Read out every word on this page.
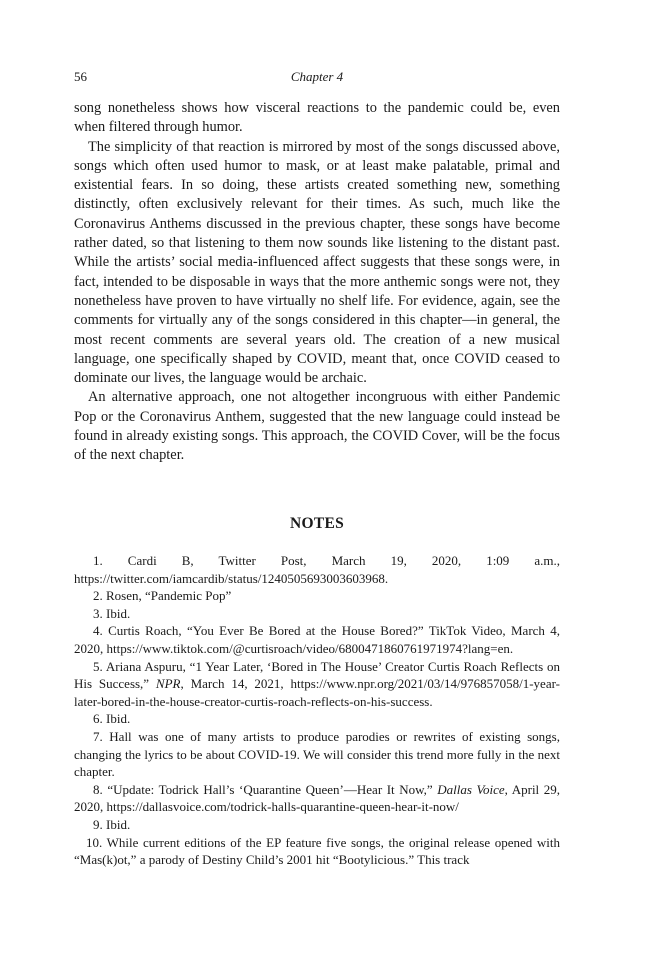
56	Chapter 4

song nonetheless shows how visceral reactions to the pandemic could be, even when filtered through humor.

The simplicity of that reaction is mirrored by most of the songs discussed above, songs which often used humor to mask, or at least make palatable, primal and existential fears. In so doing, these artists created something new, something distinctly, often exclusively relevant for their times. As such, much like the Coronavirus Anthems discussed in the previous chapter, these songs have become rather dated, so that listening to them now sounds like listening to the distant past. While the artists’ social media-influenced affect suggests that these songs were, in fact, intended to be disposable in ways that the more anthemic songs were not, they nonetheless have proven to have virtually no shelf life. For evidence, again, see the comments for virtually any of the songs considered in this chapter—in general, the most recent comments are several years old. The creation of a new musical language, one specifically shaped by COVID, meant that, once COVID ceased to dominate our lives, the language would be archaic.

An alternative approach, one not altogether incongruous with either Pandemic Pop or the Coronavirus Anthem, suggested that the new language could instead be found in already existing songs. This approach, the COVID Cover, will be the focus of the next chapter.

NOTES

1. Cardi B, Twitter Post, March 19, 2020, 1:09 a.m., https://twitter.com/iamcardib/status/1240505693003603968.

2. Rosen, “Pandemic Pop”

3. Ibid.

4. Curtis Roach, “You Ever Be Bored at the House Bored?” TikTok Video, March 4, 2020, https://www.tiktok.com/@curtisroach/video/6800471860761971974?lang=en.

5. Ariana Aspuru, “1 Year Later, ‘Bored in The House’ Creator Curtis Roach Reflects on His Success,” NPR, March 14, 2021, https://www.npr.org/2021/03/14/976857058/1-year-later-bored-in-the-house-creator-curtis-roach-reflects-on-his-success.

6. Ibid.

7. Hall was one of many artists to produce parodies or rewrites of existing songs, changing the lyrics to be about COVID-19. We will consider this trend more fully in the next chapter.

8. “Update: Todrick Hall’s ‘Quarantine Queen’—Hear It Now,” Dallas Voice, April 29, 2020, https://dallasvoice.com/todrick-halls-quarantine-queen-hear-it-now/

9. Ibid.

10. While current editions of the EP feature five songs, the original release opened with “Mas(k)ot,” a parody of Destiny Child’s 2001 hit “Bootylicious.” This track
